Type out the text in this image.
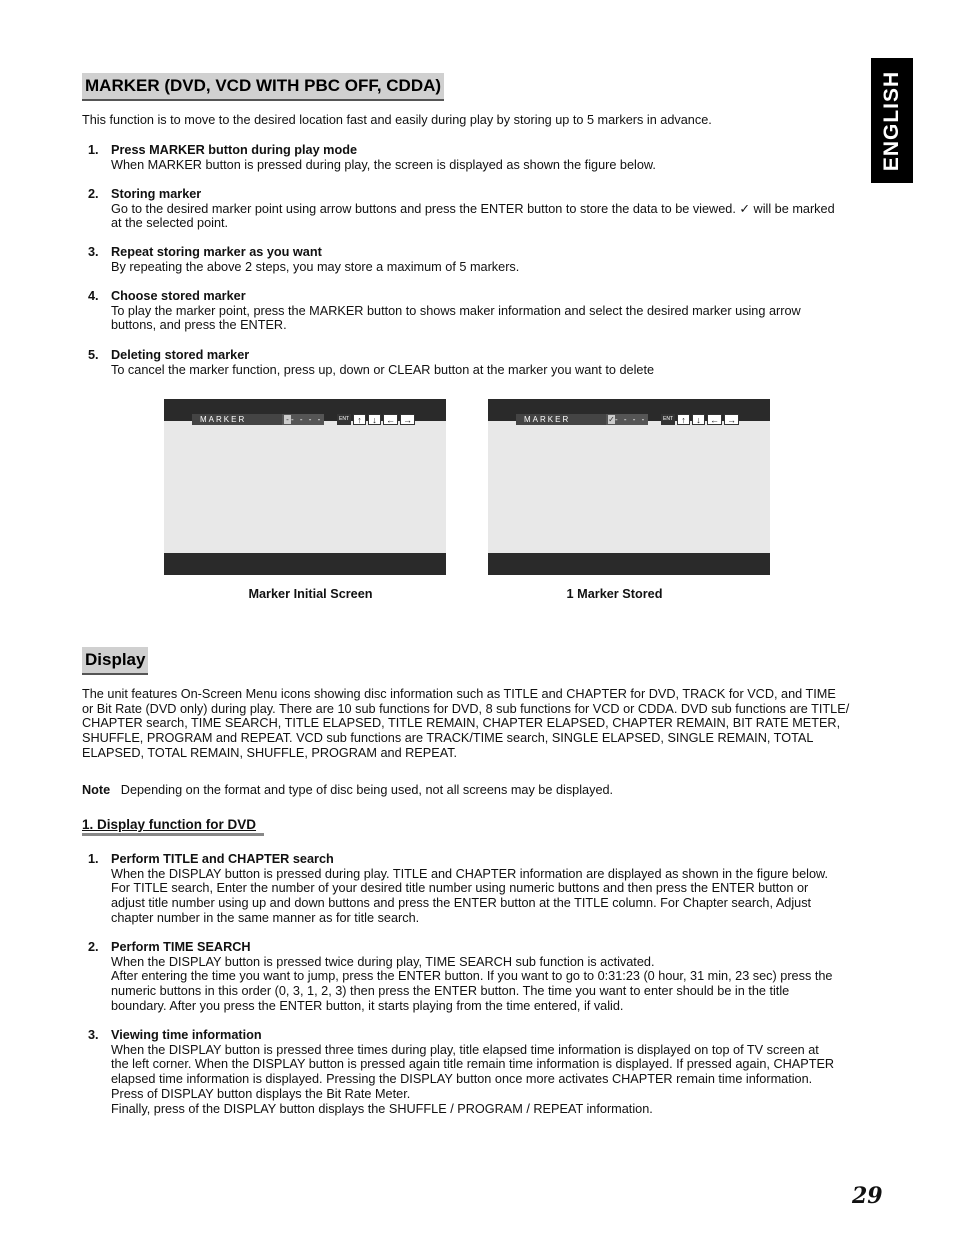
ENGLISH
MARKER (DVD, VCD WITH PBC OFF, CDDA)
This function is to move to the desired location fast and easily during play by storing up to 5 markers in advance.
1. Press MARKER button during play mode
When MARKER button is pressed during play, the screen is displayed as shown the figure below.
2. Storing marker
Go to the desired marker point using arrow buttons and press the ENTER button to store the data to be viewed. ✓ will be marked
at the selected point.
3. Repeat storing marker as you want
By repeating the above 2 steps, you may store a maximum of 5 markers.
4. Choose stored marker
To play the marker point, press the MARKER button to shows maker information and select the desired marker using arrow
buttons, and press the ENTER.
5. Deleting stored marker
To cancel the marker function, press up, down or CLEAR button at the marker you want to delete
MARKER	- - - - -	ENT ↑	↓	← →
Marker Initial Screen
MARKER	✓- - - -	ENT ↑	↓	← →
1 Marker Stored
Display
The unit features On-Screen Menu icons showing disc information such as TITLE and CHAPTER for DVD, TRACK for VCD, and TIME
or Bit Rate (DVD only) during play. There are 10 sub functions for DVD, 8 sub functions for VCD or CDDA. DVD sub functions are TITLE/
CHAPTER search, TIME SEARCH, TITLE ELAPSED, TITLE REMAIN, CHAPTER ELAPSED, CHAPTER REMAIN, BIT RATE METER,
SHUFFLE, PROGRAM and REPEAT. VCD sub functions are TRACK/TIME search, SINGLE ELAPSED, SINGLE REMAIN, TOTAL
ELAPSED, TOTAL REMAIN, SHUFFLE, PROGRAM and REPEAT.
Note Depending on the format and type of disc being used, not all screens may be displayed.
1. Display function for DVD
1. Perform TITLE and CHAPTER search
When the DISPLAY button is pressed during play. TITLE and CHAPTER information are displayed as shown in the figure below.
For TITLE search, Enter the number of your desired title number using numeric buttons and then press the ENTER button or
adjust title number using up and down buttons and press the ENTER button at the TITLE column. For Chapter search, Adjust
chapter number in the same manner as for title search.
2. Perform TIME SEARCH
When the DISPLAY button is pressed twice during play, TIME SEARCH sub function is activated.
After entering the time you want to jump, press the ENTER button. If you want to go to 0:31:23 (0 hour, 31 min, 23 sec) press the
numeric buttons in this order (0, 3, 1, 2, 3) then press the ENTER button. The time you want to enter should be in the title
boundary. After you press the ENTER button, it starts playing from the time entered, if valid.
3. Viewing time information
When the DISPLAY button is pressed three times during play, title elapsed time information is displayed on top of TV screen at
the left corner. When the DISPLAY button is pressed again title remain time information is displayed. If pressed again, CHAPTER
elapsed time information is displayed. Pressing the DISPLAY button once more activates CHAPTER remain time information.
Press of DISPLAY button displays the Bit Rate Meter.
Finally, press of the DISPLAY button displays the SHUFFLE / PROGRAM / REPEAT information.
29
